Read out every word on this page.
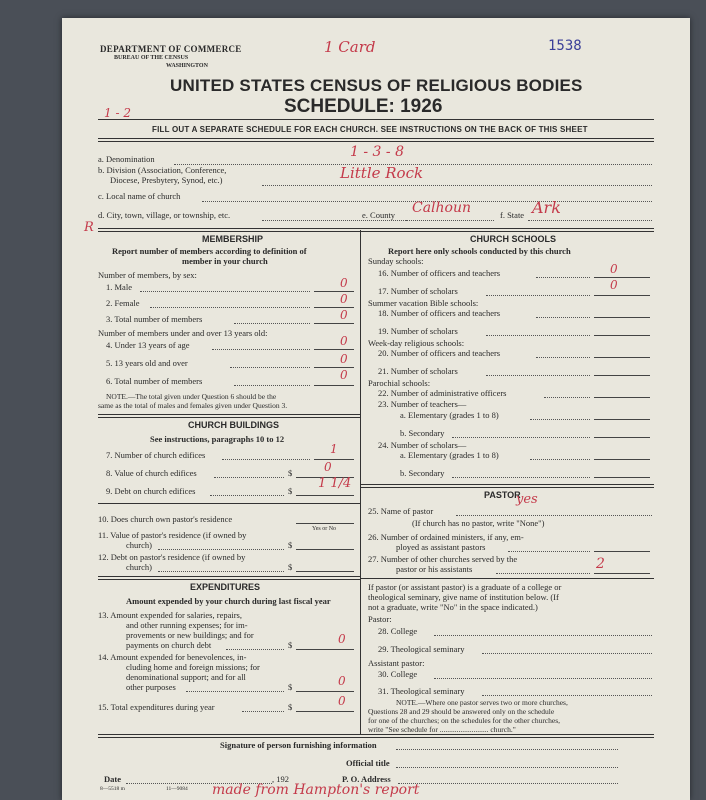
DEPARTMENT OF COMMERCE
BUREAU OF THE CENSUS
WASHINGTON
1 Card	1538
UNITED STATES CENSUS OF RELIGIOUS BODIES
SCHEDULE: 1926
1 - 2
FILL OUT A SEPARATE SCHEDULE FOR EACH CHURCH. SEE INSTRUCTIONS ON THE BACK OF THIS SHEET
1 - 3 - 8
a. Denomination
b. Division (Association, Conference,
Diocese, Presbytery, Synod, etc.)	Little Rock
c. Local name of church
d. City, town, village, or township, etc.	e. County Calhoun	f. State Ark
R
MEMBERSHIP
Report number of members according to definition of
member in your church
Number of members, by sex:
1. Male	0
2. Female	0
3. Total number of members	0
Number of members under and over 13 years old:
4. Under 13 years of age	0
5. 13 years old and over	0
6. Total number of members	0
NOTE.—The total given under Question 6 should be the
same as the total of males and females given under Question 3.
CHURCH BUILDINGS
See instructions, paragraphs 10 to 12
7. Number of church edifices	1
8. Value of church edifices	$	0
9. Debt on church edifices	$ 1 1/4
10. Does church own pastor's residence
Yes or No
11. Value of pastor's residence (if owned by
church)	$
12. Debt on pastor's residence (if owned by
church)	$
EXPENDITURES
Amount expended by your church during last fiscal year
13. Amount expended for salaries, repairs,
and other running expenses; for im-
provements or new buildings; and for
payments on church debt	$	0
14. Amount expended for benevolences, in-
cluding home and foreign missions; for
denominational support; and for all
other purposes	$	0
15. Total expenditures during year	$	0
CHURCH SCHOOLS
Report here only schools conducted by this church
Sunday schools:
16. Number of officers and teachers	0
17. Number of scholars	0
Summer vacation Bible schools:
18. Number of officers and teachers
19. Number of scholars
Week-day religious schools:
20. Number of officers and teachers
21. Number of scholars
Parochial schools:
22. Number of administrative officers
23. Number of teachers—
a. Elementary (grades 1 to 8)
b. Secondary
24. Number of scholars—
a. Elementary (grades 1 to 8)
b. Secondary
PASTOR
yes
25. Name of pastor
(If church has no pastor, write "None")
26. Number of ordained ministers, if any, em-
ployed as assistant pastors
27. Number of other churches served by the
pastor or his assistants	2
If pastor (or assistant pastor) is a graduate of a college or
theological seminary, give name of institution below. (If
not a graduate, write "No" in the space indicated.)
Pastor:
28. College
29. Theological seminary
Assistant pastor:
30. College
31. Theological seminary
NOTE.—Where one pastor serves two or more churches,
Questions 28 and 29 should be answered only on the schedule
for one of the churches; on the schedules for the other churches,
write "See schedule for .......................... church."
Signature of person furnishing information
Official title
Date	, 192	P. O. Address
8—5518 m	11—9084 made from Hampton's report
